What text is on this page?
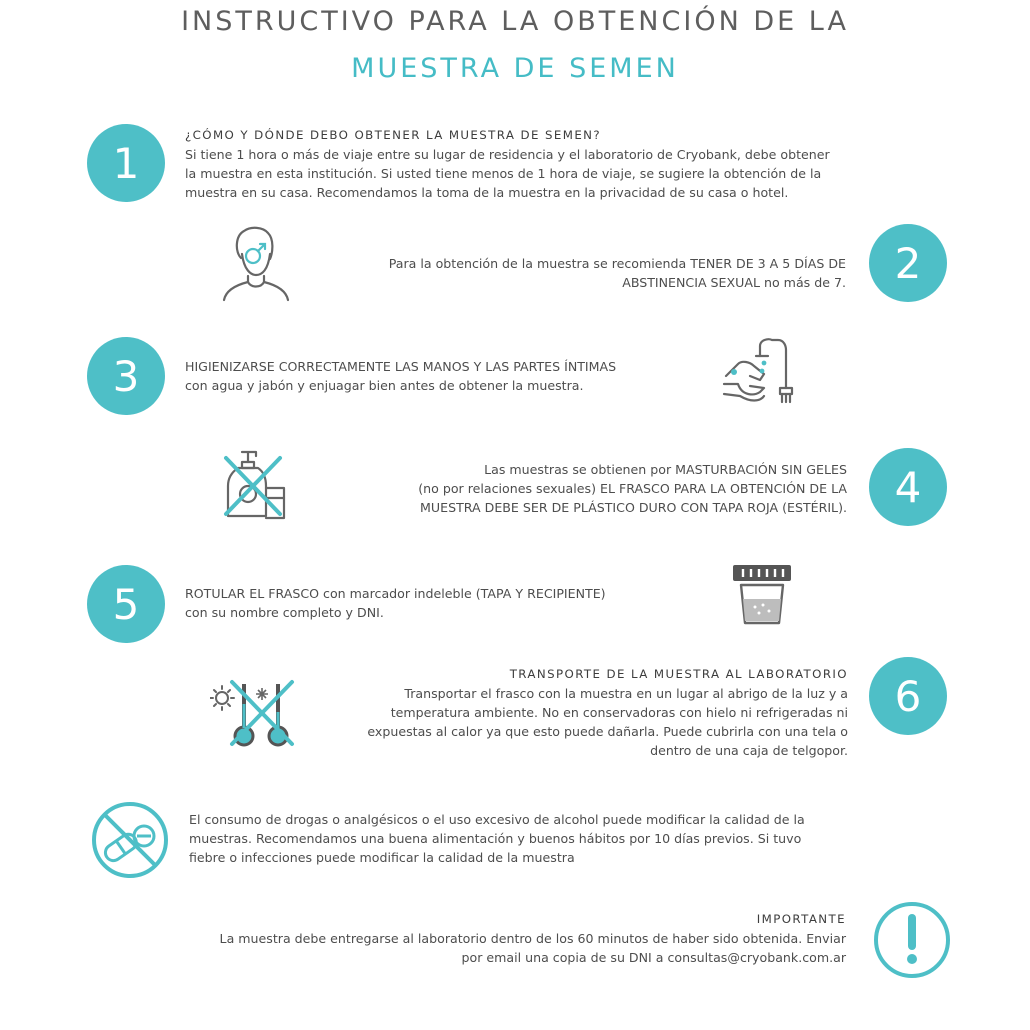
INSTRUCTIVO PARA LA OBTENCIÓN DE LA
MUESTRA DE SEMEN
1

¿CÓMO Y DÓNDE DEBO OBTENER LA MUESTRA DE SEMEN?

Si tiene 1 hora o más de viaje entre su lugar de residencia y el laboratorio de Cryobank, debe obtener

la muestra en esta institución. Si usted tiene menos de 1 hora de viaje, se sugiere la obtención de la

muestra en su casa. Recomendamos la toma de la muestra en la privacidad de su casa o hotel.

Para la obtención de la muestra se recomienda TENER DE 3 A 5 DÍAS DE

ABSTINENCIA SEXUAL no más de 7.	2
3	HIGIENIZARSE CORRECTAMENTE LAS MANOS Y LAS PARTES ÍNTIMAS

con agua y jabón y enjuagar bien antes de obtener la muestra.

Las muestras se obtienen por MASTURBACIÓN SIN GELES

(no por relaciones sexuales) EL FRASCO PARA LA OBTENCIÓN DE LA

MUESTRA DEBE SER DE PLÁSTICO DURO CON TAPA ROJA (ESTÉRIL).	4
5	ROTULAR EL FRASCO con marcador indeleble (TAPA Y RECIPIENTE)

con su nombre completo y DNI.

TRANSPORTE DE LA MUESTRA AL LABORATORIO

Transportar el frasco con la muestra en un lugar al abrigo de la luz y a

temperatura ambiente. No en conservadoras con hielo ni refrigeradas ni

expuestas al calor ya que esto puede dañarla. Puede cubrirla con una tela o

dentro de una caja de telgopor.

6

El consumo de drogas o analgésicos o el uso excesivo de alcohol puede modificar la calidad de la

muestras. Recomendamos una buena alimentación y buenos hábitos por 10 días previos. Si tuvo

fiebre o infecciones puede modificar la calidad de la muestra

IMPORTANTE

La muestra debe entregarse al laboratorio dentro de los 60 minutos de haber sido obtenida. Enviar

por email una copia de su DNI a consultas@cryobank.com.ar
